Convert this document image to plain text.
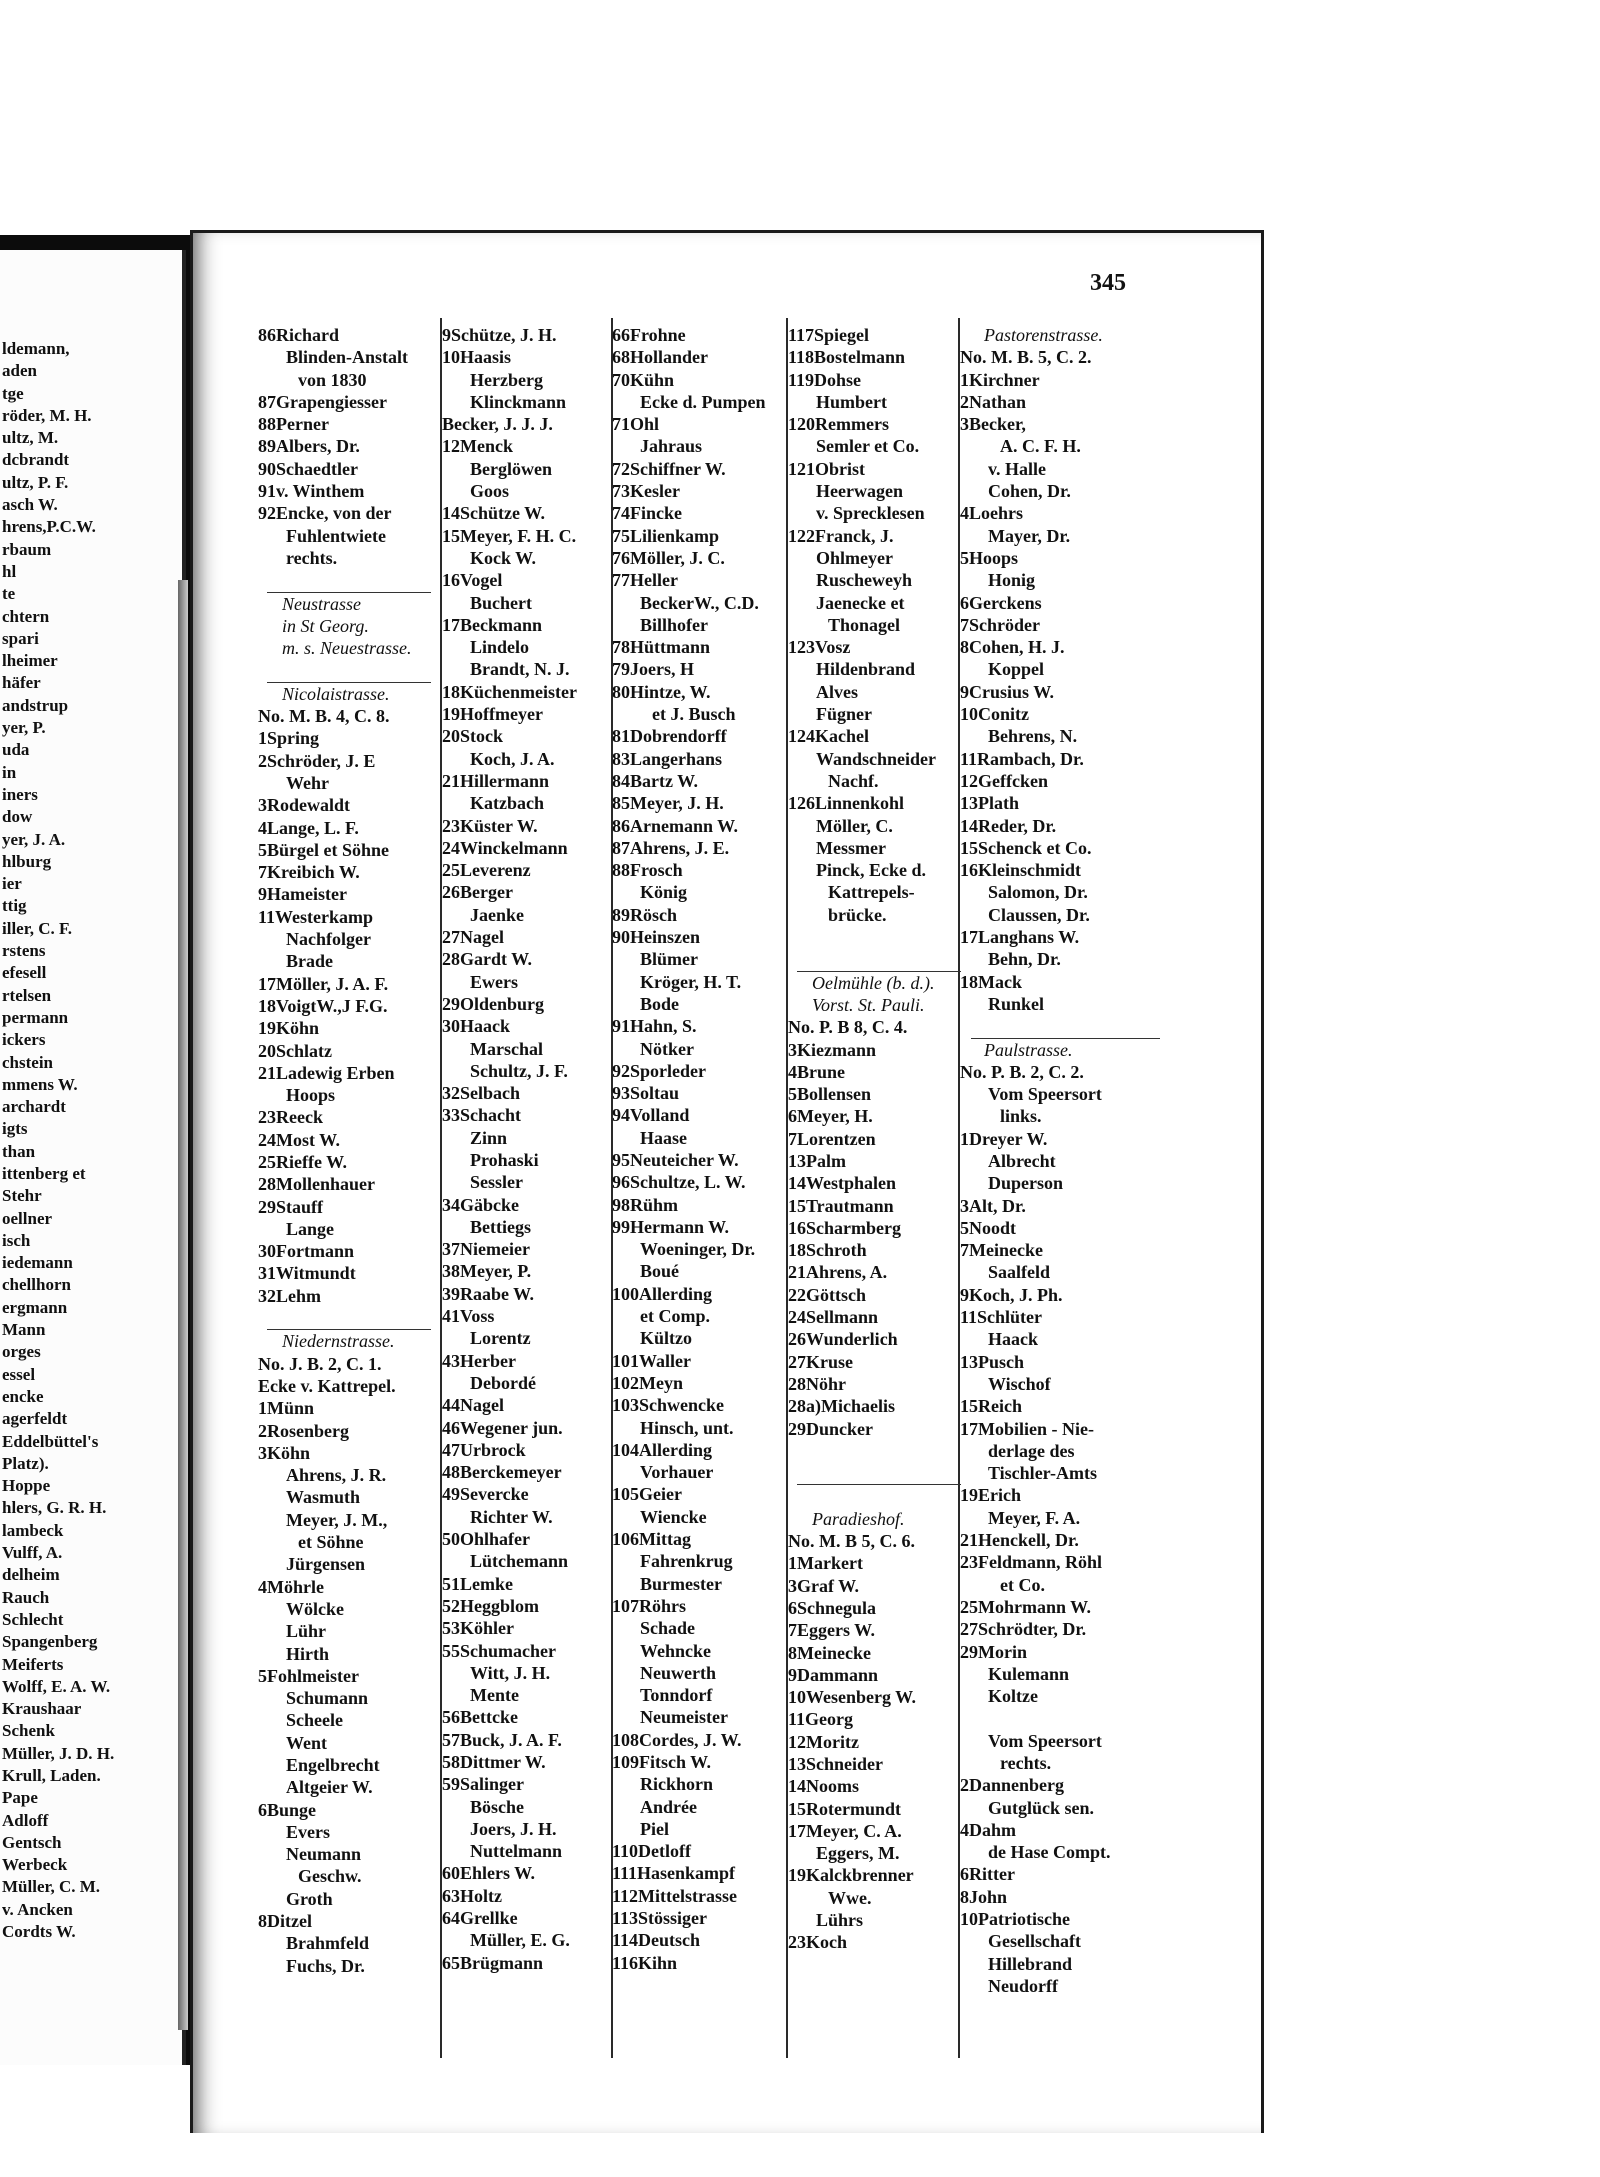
ldemann,
aden
tge
röder, M. H.
ultz, M.
dcbrandt
ultz, P. F.
asch W.
hrens,P.C.W.
rbaum
hl
te
chtern
spari
lheimer
häfer
andstrup
yer, P.
uda
in
iners
dow
yer, J. A.
hlburg
ier
ttig
iller, C. F.
rstens
efesell
rtelsen
permann
ickers
chstein
mmens W.
archardt
igts
than
ittenberg et
Stehr
oellner
isch
iedemann
chellhorn
ergmann
Mann
orges
essel
encke
agerfeldt
Eddelbüttel's
Platz).
Hoppe
hlers, G. R. H.
lambeck
Vulff, A.
delheim
Rauch
Schlecht
Spangenberg
Meiferts
Wolff, E. A. W.
Kraushaar
Schenk
Müller, J. D. H.
Krull, Laden.
Pape
Adloff
Gentsch
Werbeck
Müller, C. M.
v. Ancken
Cordts W.
345
86Richard
Blinden-Anstalt
von 1830
87Grapengiesser
88Perner
89Albers, Dr.
90Schaedtler
91v. Winthem
92Encke, von der
Fuhlentwiete
rechts.
Neustrasse
in St Georg.
m. s. Neuestrasse.
Nicolaistrasse.
No. M. B. 4, C. 8.
1Spring
2Schröder, J. E
Wehr
3Rodewaldt
4Lange, L. F.
5Bürgel et Söhne
7Kreibich W.
9Hameister
11Westerkamp
Nachfolger
Brade
17Möller, J. A. F.
18VoigtW.,J F.G.
19Köhn
20Schlatz
21Ladewig Erben
Hoops
23Reeck
24Most W.
25Rieffe W.
28Mollenhauer
29Stauff
Lange
30Fortmann
31Witmundt
32Lehm
Niedernstrasse.
No. J. B. 2, C. 1.
Ecke v. Kattrepel.
1Münn
2Rosenberg
3Köhn
Ahrens, J. R.
Wasmuth
Meyer, J. M.,
et Söhne
Jürgensen
4Möhrle
Wölcke
Lühr
Hirth
5Fohlmeister
Schumann
Scheele
Went
Engelbrecht
Altgeier W.
6Bunge
Evers
Neumann
Geschw.
Groth
8Ditzel
Brahmfeld
Fuchs, Dr.
9Schütze, J. H.
10Haasis
Herzberg
Klinckmann
Becker, J. J. J.
12Menck
Berglöwen
Goos
14Schütze W.
15Meyer, F. H. C.
Kock W.
16Vogel
Buchert
17Beckmann
Lindelo
Brandt, N. J.
18Küchenmeister
19Hoffmeyer
20Stock
Koch, J. A.
21Hillermann
Katzbach
23Küster W.
24Winckelmann
25Leverenz
26Berger
Jaenke
27Nagel
28Gardt W.
Ewers
29Oldenburg
30Haack
Marschal
Schultz, J. F.
32Selbach
33Schacht
Zinn
Prohaski
Sessler
34Gäbcke
Bettiegs
37Niemeier
38Meyer, P.
39Raabe W.
41Voss
Lorentz
43Herber
Debordé
44Nagel
46Wegener jun.
47Urbrock
48Berckemeyer
49Severcke
Richter W.
50Ohlhafer
Lütchemann
51Lemke
52Heggblom
53Köhler
55Schumacher
Witt, J. H.
Mente
56Bettcke
57Buck, J. A. F.
58Dittmer W.
59Salinger
Bösche
Joers, J. H.
Nuttelmann
60Ehlers W.
63Holtz
64Grellke
Müller, E. G.
65Brügmann
66Frohne
68Hollander
70Kühn
Ecke d. Pumpen
71Ohl
Jahraus
72Schiffner W.
73Kesler
74Fincke
75Lilienkamp
76Möller, J. C.
77Heller
BeckerW., C.D.
Billhofer
78Hüttmann
79Joers, H
80Hintze, W.
et J. Busch
81Dobrendorff
83Langerhans
84Bartz W.
85Meyer, J. H.
86Arnemann W.
87Ahrens, J. E.
88Frosch
König
89Rösch
90Heinszen
Blümer
Kröger, H. T.
Bode
91Hahn, S.
Nötker
92Sporleder
93Soltau
94Volland
Haase
95Neuteicher W.
96Schultze, L. W.
98Rühm
99Hermann W.
Woeninger, Dr.
Boué
100Allerding
et Comp.
Kültzo
101Waller
102Meyn
103Schwencke
Hinsch, unt.
104Allerding
Vorhauer
105Geier
Wiencke
106Mittag
Fahrenkrug
Burmester
107Röhrs
Schade
Wehncke
Neuwerth
Tonndorf
Neumeister
108Cordes, J. W.
109Fitsch W.
Rickhorn
Andrée
Piel
110Detloff
111Hasenkampf
112Mittelstrasse
113Stössiger
114Deutsch
116Kihn
117Spiegel
118Bostelmann
119Dohse
Humbert
120Remmers
Semler et Co.
121Obrist
Heerwagen
v. Sprecklesen
122Franck, J.
Ohlmeyer
Ruscheweyh
Jaenecke et
Thonagel
123Vosz
Hildenbrand
Alves
Fügner
124Kachel
Wandschneider
Nachf.
126Linnenkohl
Möller, C.
Messmer
Pinck, Ecke d.
Kattrepels-
brücke.
Oelmühle (b. d.).
Vorst. St. Pauli.
No. P. B 8, C. 4.
3Kiezmann
4Brune
5Bollensen
6Meyer, H.
7Lorentzen
13Palm
14Westphalen
15Trautmann
16Scharmberg
18Schroth
21Ahrens, A.
22Göttsch
24Sellmann
26Wunderlich
27Kruse
28Nöhr
28a)Michaelis
29Duncker
Paradieshof.
No. M. B 5, C. 6.
1Markert
3Graf W.
6Schnegula
7Eggers W.
8Meinecke
9Dammann
10Wesenberg W.
11Georg
12Moritz
13Schneider
14Nooms
15Rotermundt
17Meyer, C. A.
Eggers, M.
19Kalckbrenner
Wwe.
Lührs
23Koch
Pastorenstrasse.
No. M. B. 5, C. 2.
1Kirchner
2Nathan
3Becker,
A. C. F. H.
v. Halle
Cohen, Dr.
4Loehrs
Mayer, Dr.
5Hoops
Honig
6Gerckens
7Schröder
8Cohen, H. J.
Koppel
9Crusius W.
10Conitz
Behrens, N.
11Rambach, Dr.
12Geffcken
13Plath
14Reder, Dr.
15Schenck et Co.
16Kleinschmidt
Salomon, Dr.
Claussen, Dr.
17Langhans W.
Behn, Dr.
18Mack
Runkel
Paulstrasse.
No. P. B. 2, C. 2.
Vom Speersort
links.
1Dreyer W.
Albrecht
Duperson
3Alt, Dr.
5Noodt
7Meinecke
Saalfeld
9Koch, J. Ph.
11Schlüter
Haack
13Pusch
Wischof
15Reich
17Mobilien - Nie-
derlage des
Tischler-Amts
19Erich
Meyer, F. A.
21Henckell, Dr.
23Feldmann, Röhl
et Co.
25Mohrmann W.
27Schrödter, Dr.
29Morin
Kulemann
Koltze
Vom Speersort
rechts.
2Dannenberg
Gutglück sen.
4Dahm
de Hase Compt.
6Ritter
8John
10Patriotische
Gesellschaft
Hillebrand
Neudorff
